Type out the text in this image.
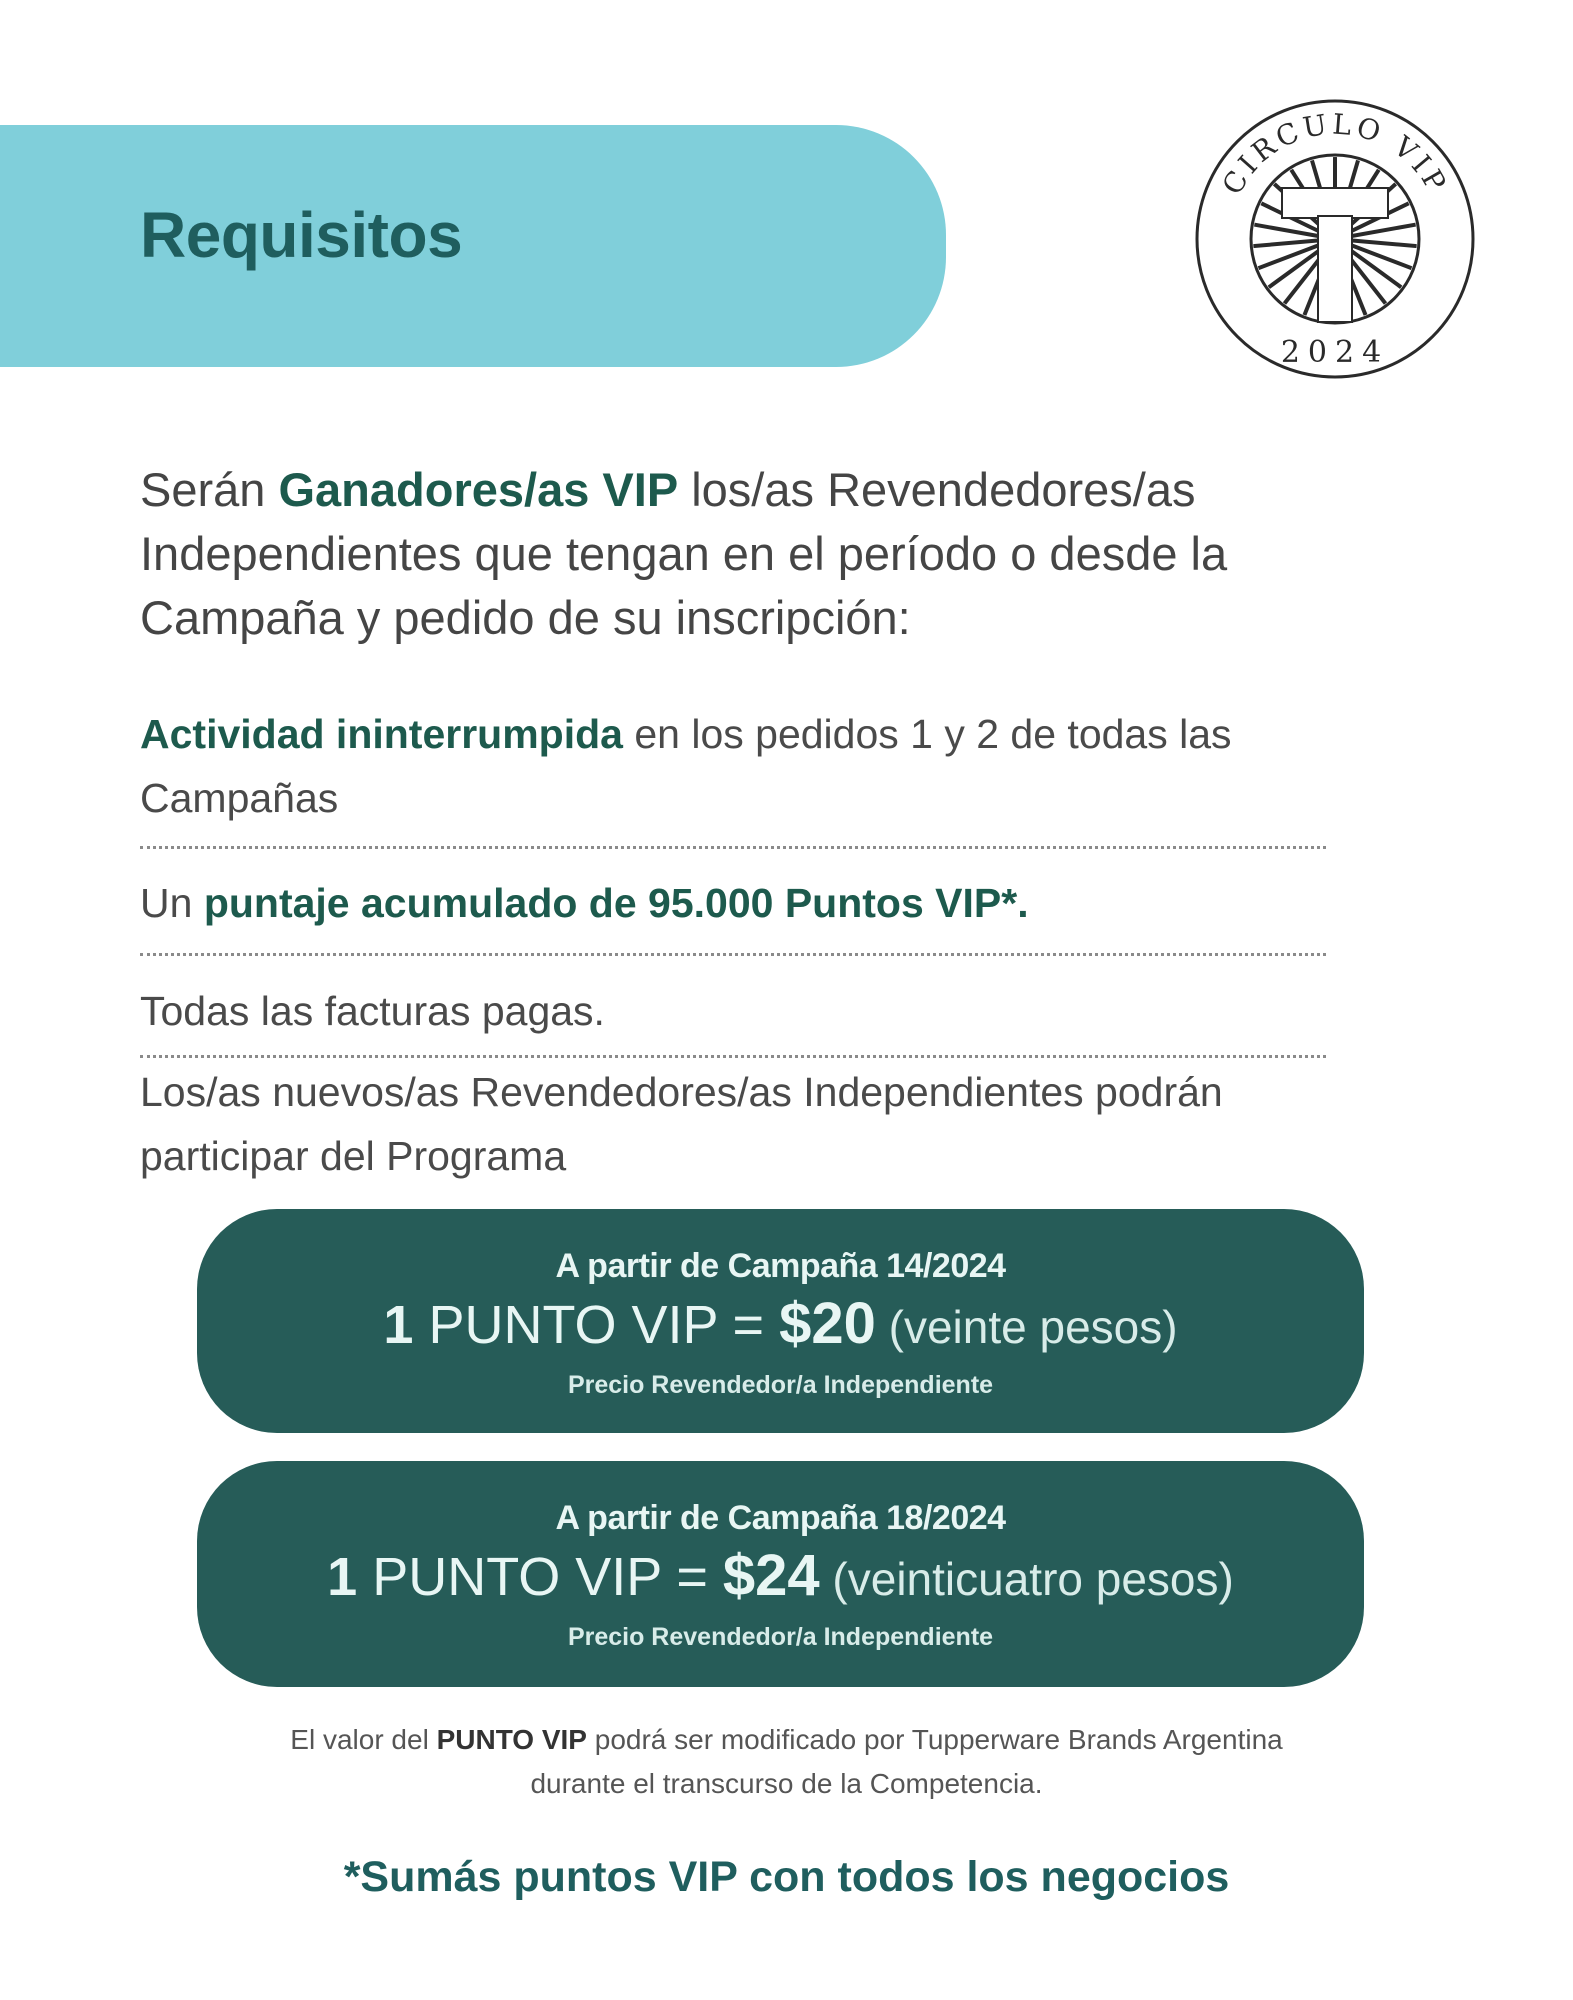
Requisitos
CIRCULO VIP
2024
Serán Ganadores/as VIP los/as Revendedores/as Independientes que tengan en el período o desde la Campaña y pedido de su inscripción:
Actividad ininterrumpida en los pedidos 1 y 2 de todas las Campañas
Un puntaje acumulado de 95.000 Puntos VIP*.
Todas las facturas pagas.
Los/as nuevos/as Revendedores/as Independientes podrán participar del Programa
A partir de Campaña 14/2024
1 PUNTO VIP = $20 (veinte pesos)
Precio Revendedor/a Independiente
A partir de Campaña 18/2024
1 PUNTO VIP = $24 (veinticuatro pesos)
Precio Revendedor/a Independiente
El valor del PUNTO VIP podrá ser modificado por Tupperware Brands Argentina
durante el transcurso de la Competencia.
*Sumás puntos VIP con todos los negocios
